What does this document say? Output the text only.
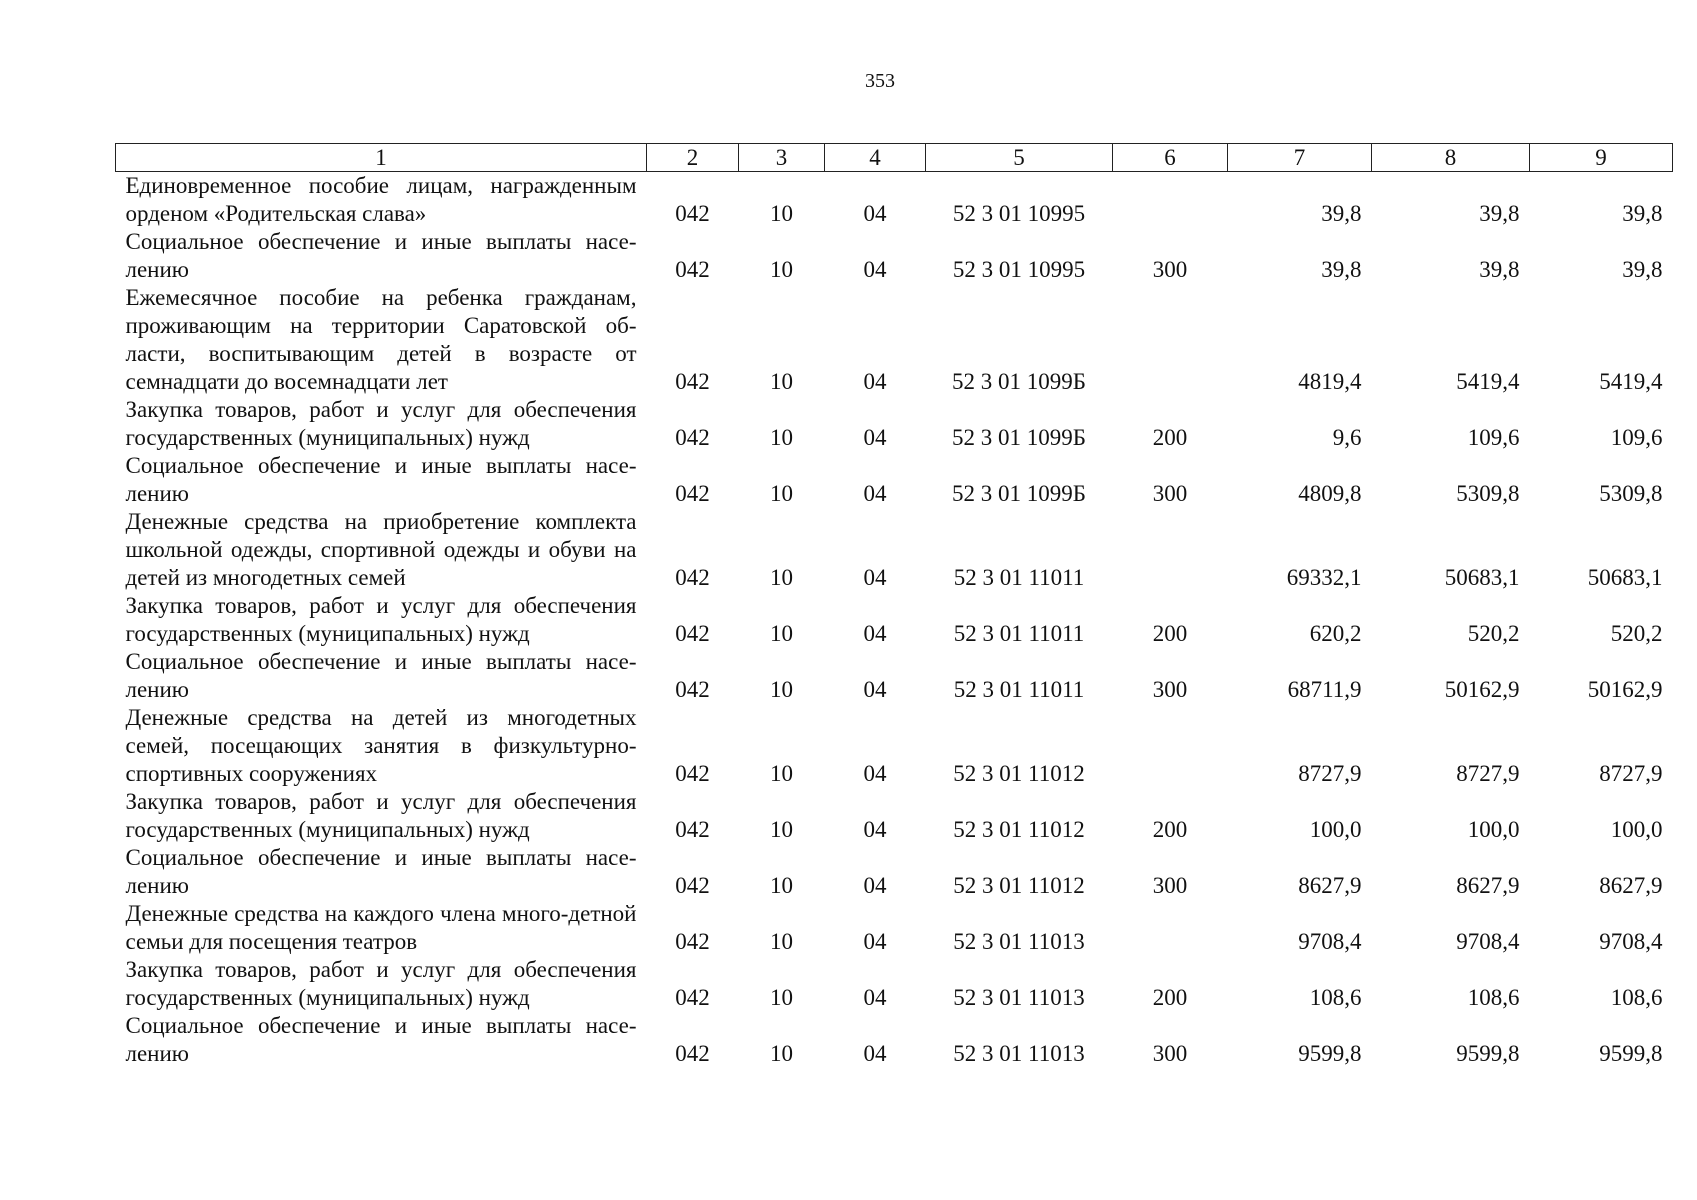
353
1	2	3	4	5	6	7	8	9
Единовременное пособие лицам, награжденным орденом «Родительская слава»	042	10	04	52 3 01 10995		39,8	39,8	39,8
Социальное обеспечение и иные выплаты насе-лению	042	10	04	52 3 01 10995	300	39,8	39,8	39,8
Ежемесячное пособие на ребенка гражданам, проживающим на территории Саратовской об-ласти, воспитывающим детей в возрасте от семнадцати до восемнадцати лет	042	10	04	52 3 01 1099Б		4819,4	5419,4	5419,4
Закупка товаров, работ и услуг для обеспечения государственных (муниципальных) нужд	042	10	04	52 3 01 1099Б	200	9,6	109,6	109,6
Социальное обеспечение и иные выплаты насе-лению	042	10	04	52 3 01 1099Б	300	4809,8	5309,8	5309,8
Денежные средства на приобретение комплекта школьной одежды, спортивной одежды и обуви на детей из многодетных семей	042	10	04	52 3 01 11011		69332,1	50683,1	50683,1
Закупка товаров, работ и услуг для обеспечения государственных (муниципальных) нужд	042	10	04	52 3 01 11011	200	620,2	520,2	520,2
Социальное обеспечение и иные выплаты насе-лению	042	10	04	52 3 01 11011	300	68711,9	50162,9	50162,9
Денежные средства на детей из многодетных семей, посещающих занятия в физкультурно-спортивных сооружениях	042	10	04	52 3 01 11012		8727,9	8727,9	8727,9
Закупка товаров, работ и услуг для обеспечения государственных (муниципальных) нужд	042	10	04	52 3 01 11012	200	100,0	100,0	100,0
Социальное обеспечение и иные выплаты насе-лению	042	10	04	52 3 01 11012	300	8627,9	8627,9	8627,9
Денежные средства на каждого члена много-детной семьи для посещения театров	042	10	04	52 3 01 11013		9708,4	9708,4	9708,4
Закупка товаров, работ и услуг для обеспечения государственных (муниципальных) нужд	042	10	04	52 3 01 11013	200	108,6	108,6	108,6
Социальное обеспечение и иные выплаты насе-лению	042	10	04	52 3 01 11013	300	9599,8	9599,8	9599,8
